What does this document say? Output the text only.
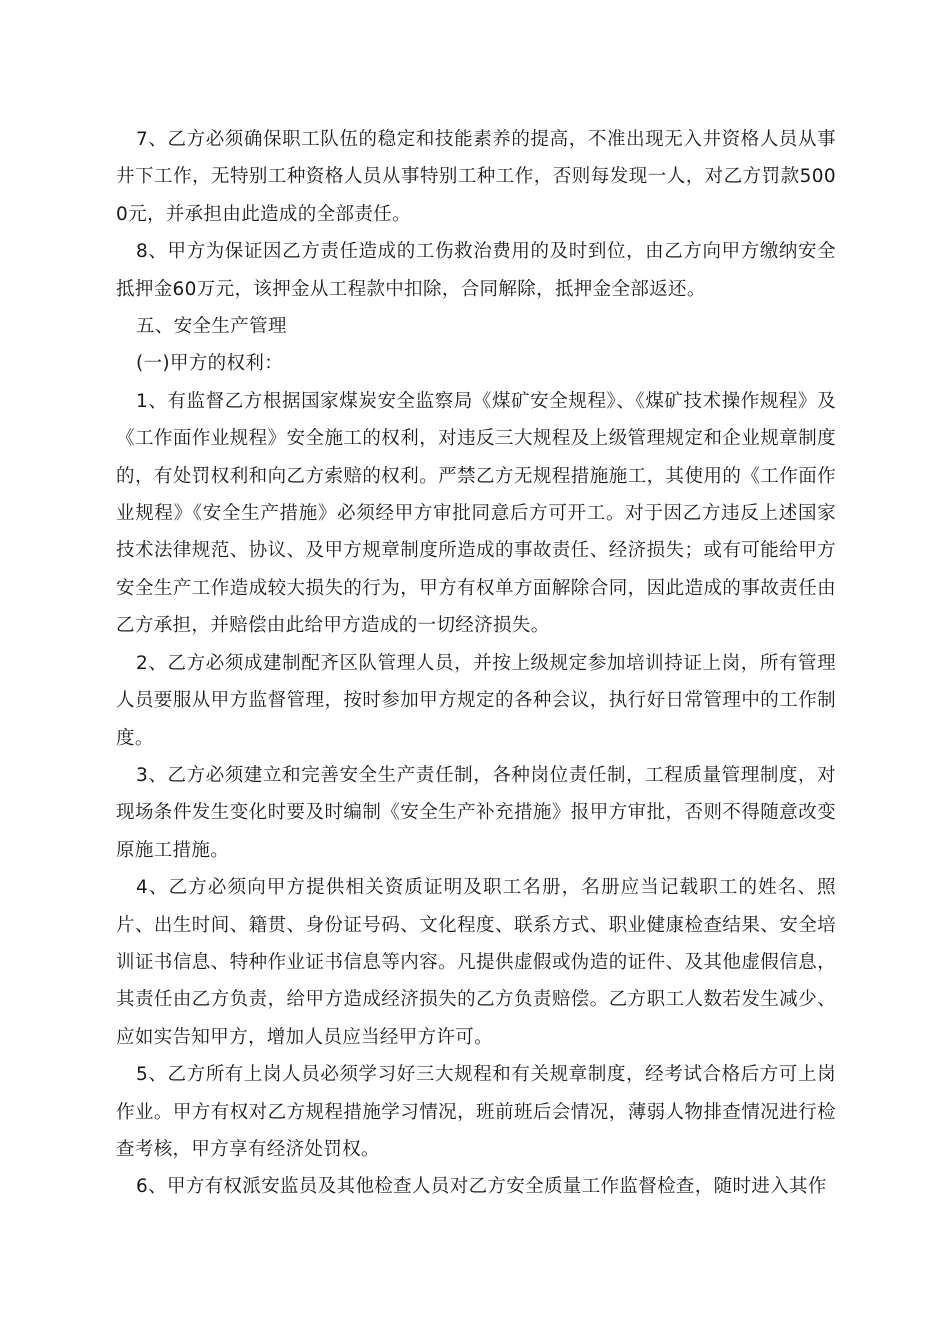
7、乙方必须确保职工队伍的稳定和技能素养的提高，不准出现无入井资格人员从事井下工作，无特别工种资格人员从事特别工种工作，否则每发现一人，对乙方罚款5000元，并承担由此造成的全部责任。

8、甲方为保证因乙方责任造成的工伤救治费用的及时到位，由乙方向甲方缴纳安全抵押金60万元，该押金从工程款中扣除，合同解除，抵押金全部返还。

五、安全生产管理

(一)甲方的权利：

1、有监督乙方根据国家煤炭安全监察局《煤矿安全规程》、《煤矿技术操作规程》及《工作面作业规程》安全施工的权利，对违反三大规程及上级管理规定和企业规章制度的，有处罚权利和向乙方索赔的权利。严禁乙方无规程措施施工，其使用的《工作面作业规程》《安全生产措施》必须经甲方审批同意后方可开工。对于因乙方违反上述国家技术法律规范、协议、及甲方规章制度所造成的事故责任、经济损失；或有可能给甲方安全生产工作造成较大损失的行为，甲方有权单方面解除合同，因此造成的事故责任由乙方承担，并赔偿由此给甲方造成的一切经济损失。

2、乙方必须成建制配齐区队管理人员，并按上级规定参加培训持证上岗，所有管理人员要服从甲方监督管理，按时参加甲方规定的各种会议，执行好日常管理中的工作制度。

3、乙方必须建立和完善安全生产责任制，各种岗位责任制，工程质量管理制度，对现场条件发生变化时要及时编制《安全生产补充措施》报甲方审批，否则不得随意改变原施工措施。

4、乙方必须向甲方提供相关资质证明及职工名册，名册应当记载职工的姓名、照片、出生时间、籍贯、身份证号码、文化程度、联系方式、职业健康检查结果、安全培训证书信息、特种作业证书信息等内容。凡提供虚假或伪造的证件、及其他虚假信息，其责任由乙方负责，给甲方造成经济损失的乙方负责赔偿。乙方职工人数若发生减少、应如实告知甲方，增加人员应当经甲方许可。

5、乙方所有上岗人员必须学习好三大规程和有关规章制度，经考试合格后方可上岗作业。甲方有权对乙方规程措施学习情况，班前班后会情况，薄弱人物排查情况进行检查考核，甲方享有经济处罚权。

6、甲方有权派安监员及其他检查人员对乙方安全质量工作监督检查，随时进入其作
